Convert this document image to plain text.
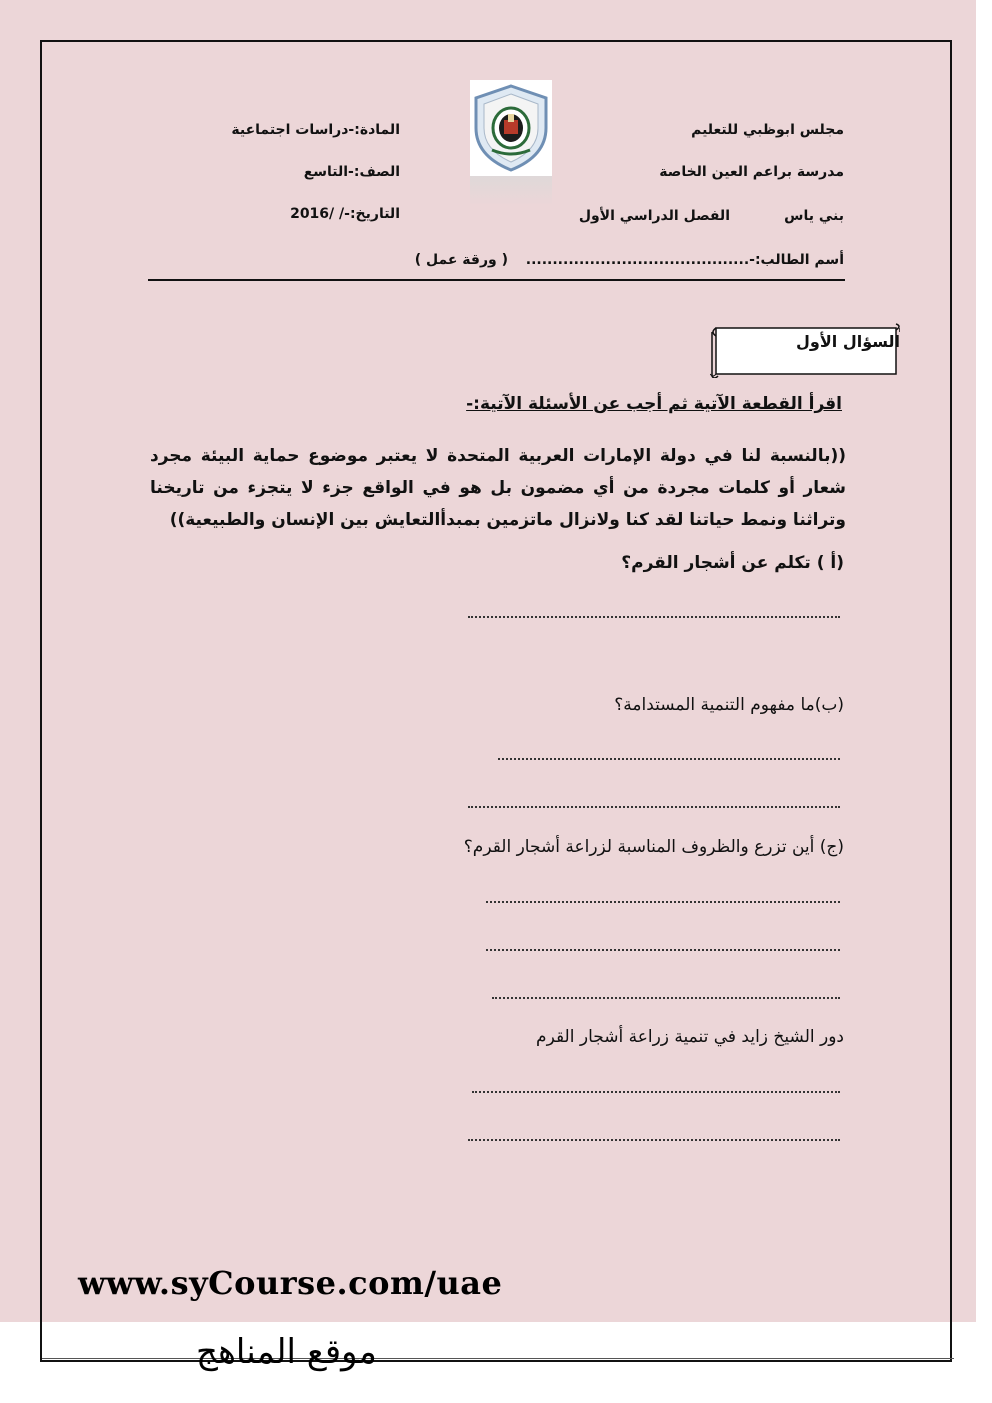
مجلس ابوظبي للتعليم
مدرسة براعم العين الخاصة
بني ياس
الفصل الدراسي الأول
أسم الطالب:-..........................................
( ورقة عمل )
المادة:-دراسات اجتماعية
الصف:-التاسع
التاريخ:-/ /2016
السؤال الأول
اقرأ القطعة الآتية ثم أجب عن الأسئلة الآتية:-
((بالنسبة لنا في دولة الإمارات العربية المتحدة لا يعتبر موضوع حماية البيئة مجرد شعار أو كلمات مجردة من أي مضمون بل هو في الواقع جزء لا يتجزء من تاريخنا وتراثنا ونمط حياتنا لقد كنا ولانزال ماتزمين بمبدأالتعايش بين الإنسان والطبيعية))
(أ ) تكلم عن أشجار القرم؟
(ب)ما مفهوم التنمية المستدامة؟
(ج) أين تزرع والظروف المناسبة لزراعة أشجار القرم؟
دور الشيخ زايد في تنمية زراعة أشجار القرم
www.syCourse.com/uae
موقع المناهج
